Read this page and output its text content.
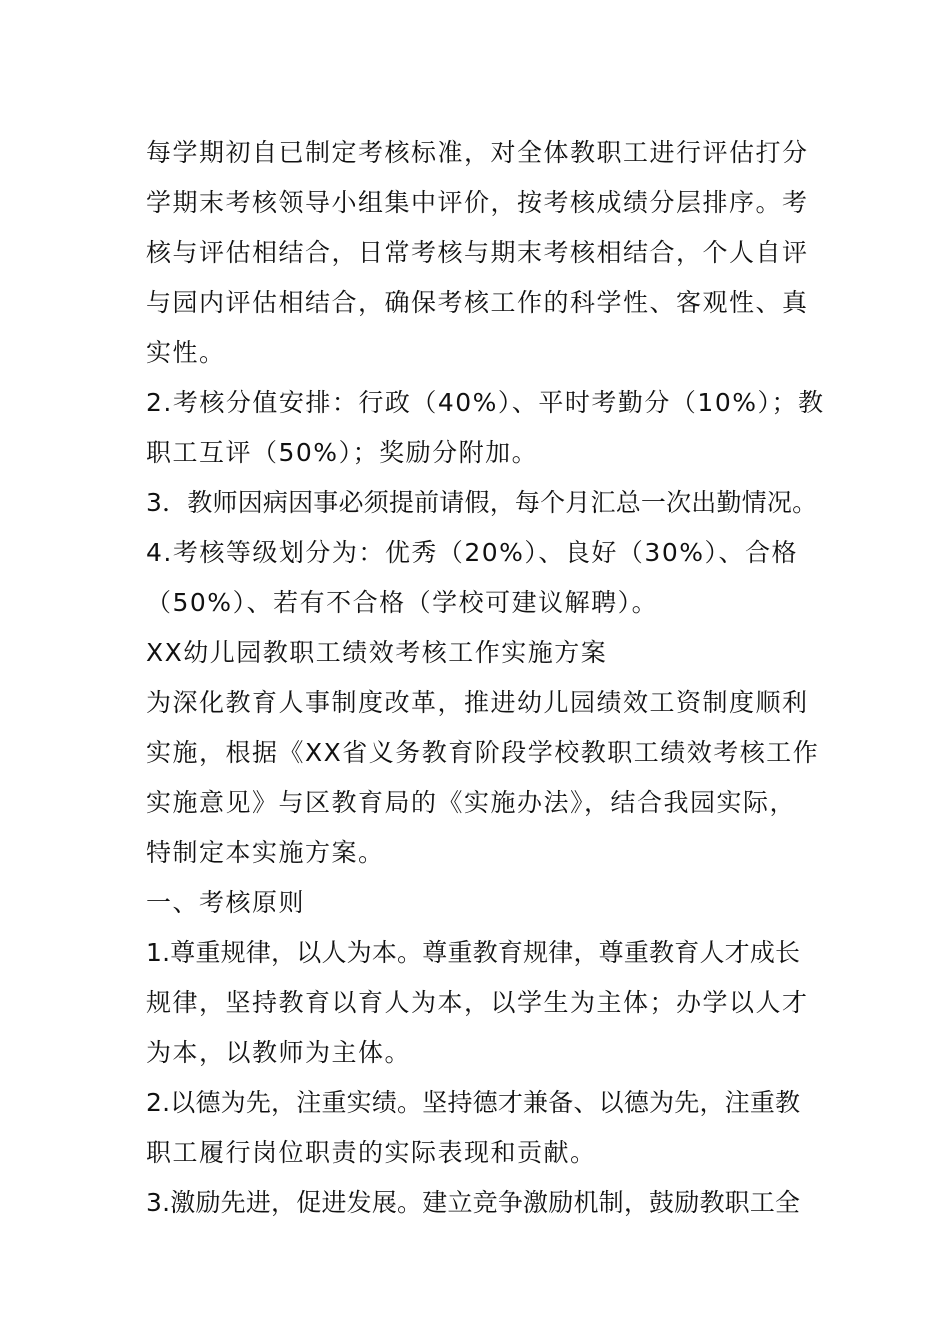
每学期初自已制定考核标准，对全体教职工进行评估打分
学期末考核领导小组集中评价，按考核成绩分层排序。考
核与评估相结合，日常考核与期末考核相结合，个人自评
与园内评估相结合，确保考核工作的科学性、客观性、真
实性。
2.考核分值安排：行政（40%）、平时考勤分（10%）；教
职工互评（50%）；奖励分附加。
3．教师因病因事必须提前请假，每个月汇总一次出勤情况。
4.考核等级划分为：优秀（20%）、良好（30%）、合格
（50%）、若有不合格（学校可建议解聘）。
XX幼儿园教职工绩效考核工作实施方案
为深化教育人事制度改革，推进幼儿园绩效工资制度顺利
实施，根据《XX省义务教育阶段学校教职工绩效考核工作
实施意见》与区教育局的《实施办法》，结合我园实际，
特制定本实施方案。
一、考核原则
1.尊重规律，以人为本。尊重教育规律，尊重教育人才成长
规律，坚持教育以育人为本，以学生为主体；办学以人才
为本，以教师为主体。
2.以德为先，注重实绩。坚持德才兼备、以德为先，注重教
职工履行岗位职责的实际表现和贡献。
3.激励先进，促进发展。建立竞争激励机制，鼓励教职工全
